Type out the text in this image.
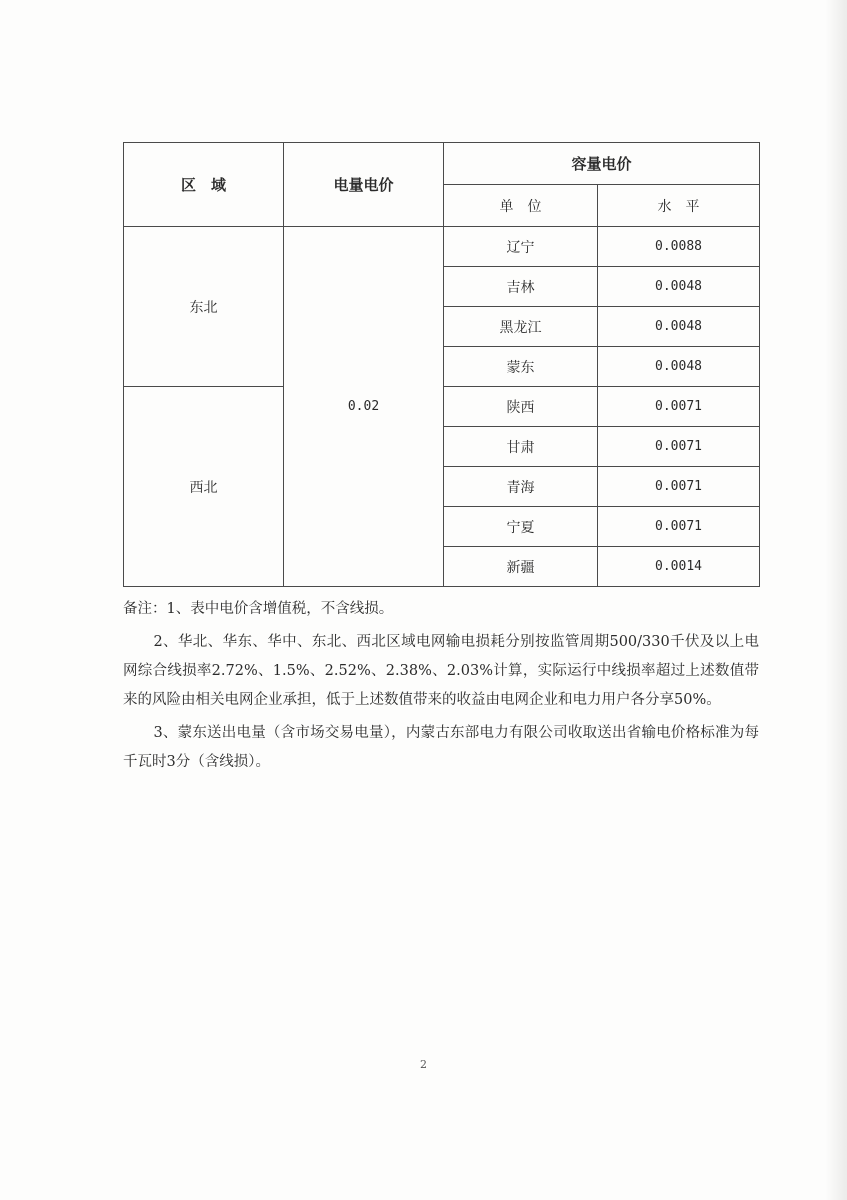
区　域	电量电价	容量电价	
		单　位	水　平
东北	0.02	辽宁	0.0088
		吉林	0.0048
		黑龙江	0.0048
		蒙东	0.0048
西北		陕西	0.0071
		甘肃	0.0071
		青海	0.0071
		宁夏	0.0071
		新疆	0.0014

备注：1、表中电价含增值税，不含线损。

2、华北、华东、华中、东北、西北区域电网输电损耗分别按监管周期500/330千伏及以上电网综合线损率2.72%、1.5%、2.52%、2.38%、2.03%计算，实际运行中线损率超过上述数值带来的风险由相关电网企业承担，低于上述数值带来的收益由电网企业和电力用户各分享50%。

3、蒙东送出电量（含市场交易电量），内蒙古东部电力有限公司收取送出省输电价格标准为每千瓦时3分（含线损）。

2
